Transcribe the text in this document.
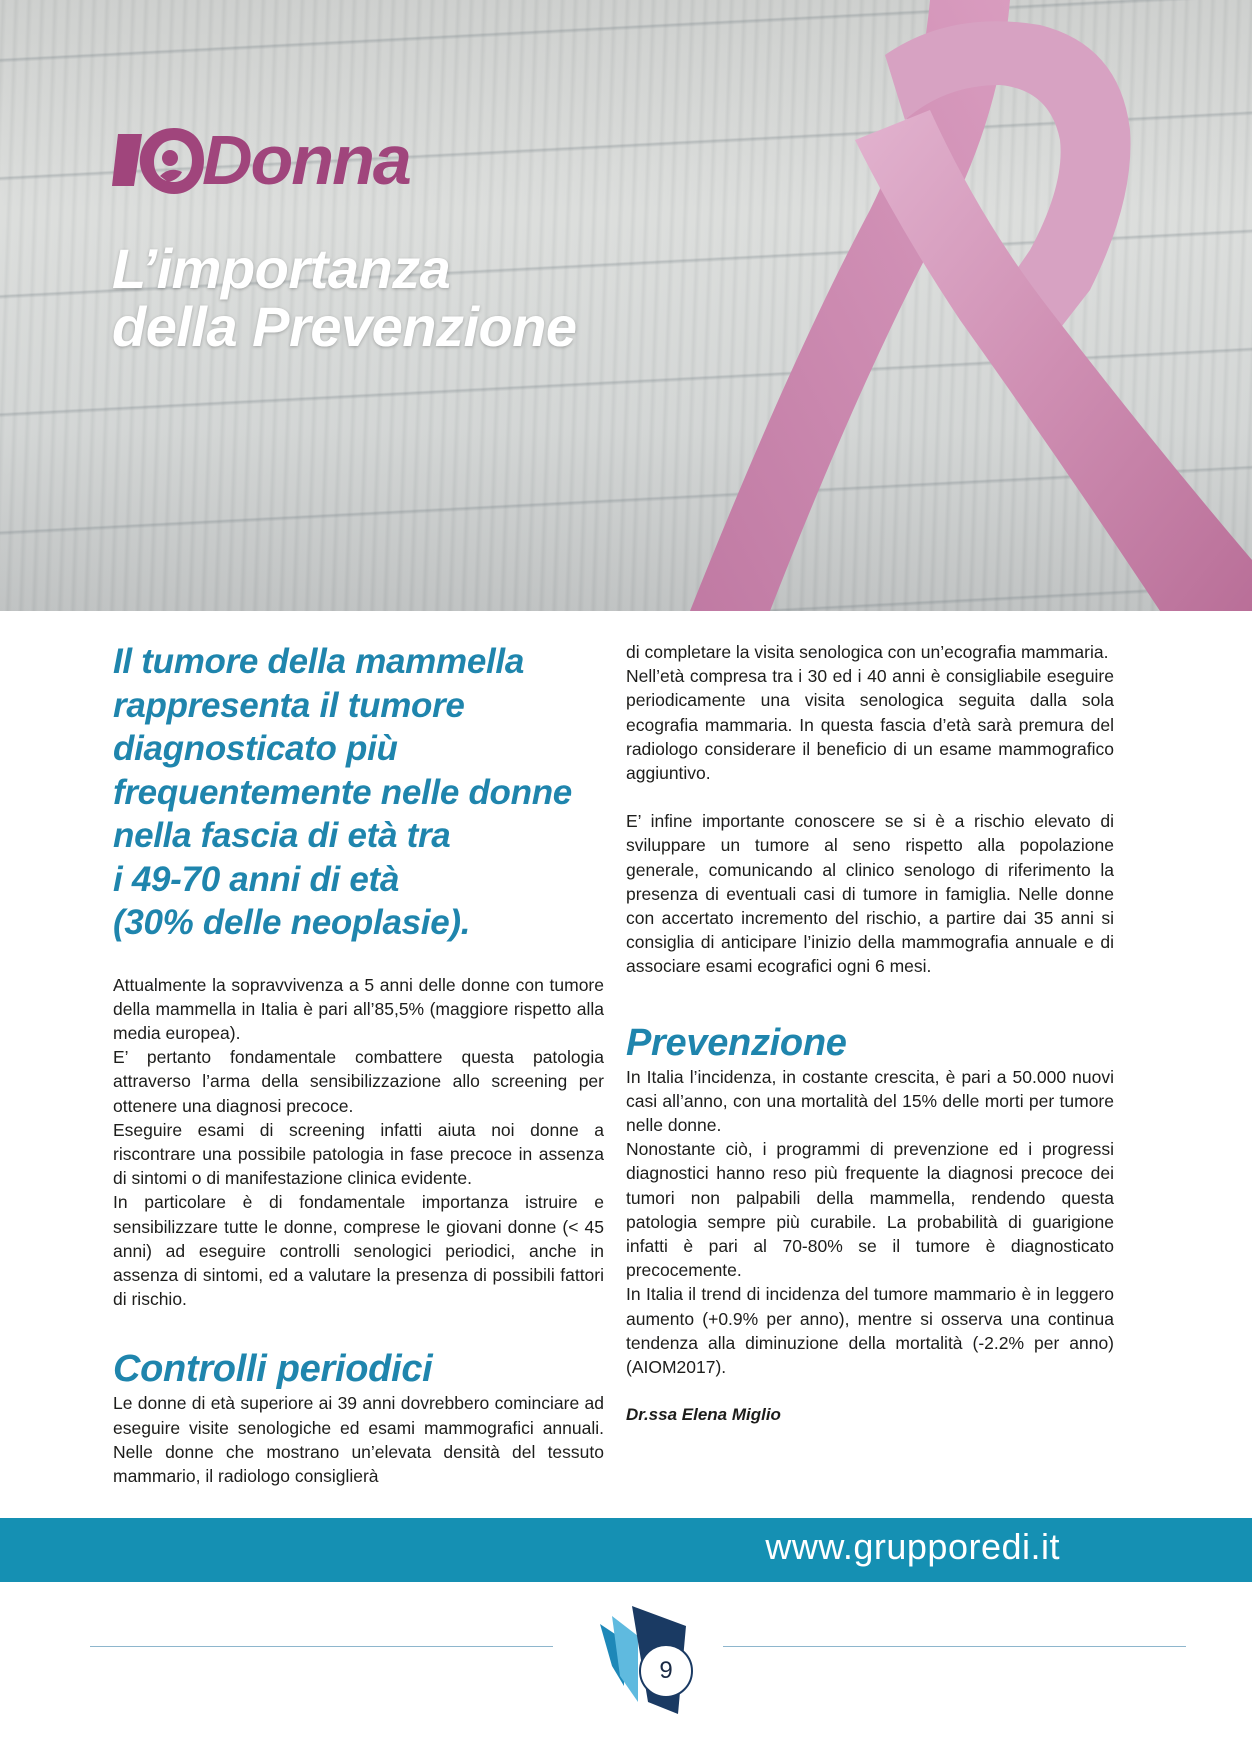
Donna
L’importanza
della Prevenzione
Il tumore della mammella
rappresenta il tumore
diagnosticato più
frequentemente nelle donne
nella fascia di età tra
i 49-70 anni di età
(30% delle neoplasie).

Attualmente la sopravvivenza a 5 anni delle donne con tumore della mammella in Italia è pari all’85,5% (maggiore rispetto alla media europea).

E’ pertanto fondamentale combattere questa patologia attraverso l’arma della sensibilizzazione allo screening per ottenere una diagnosi precoce.

Eseguire esami di screening infatti aiuta noi donne a riscontrare una possibile patologia in fase precoce in assenza di sintomi o di manifestazione clinica evidente.

In particolare è di fondamentale importanza istruire e sensibilizzare tutte le donne, comprese le giovani donne (< 45 anni) ad eseguire controlli senologici periodici, anche in assenza di sintomi, ed a valutare la presenza di possibili fattori di rischio.

Controlli periodici

Le donne di età superiore ai 39 anni dovrebbero cominciare ad eseguire visite senologiche ed esami mammografici annuali. Nelle donne che mostrano un’elevata densità del tessuto mammario, il radiologo consiglierà

di completare la visita senologica con un’ecografia mammaria.

Nell’età compresa tra i 30 ed i 40 anni è consigliabile eseguire periodicamente una visita senologica seguita dalla sola ecografia mammaria. In questa fascia d’età sarà premura del radiologo considerare il beneficio di un esame mammografico aggiuntivo.

E’ infine importante conoscere se si è a rischio elevato di sviluppare un tumore al seno rispetto alla popolazione generale, comunicando al clinico senologo di riferimento la presenza di eventuali casi di tumore in famiglia. Nelle donne con accertato incremento del rischio, a partire dai 35 anni si consiglia di anticipare l’inizio della mammografia annuale e di associare esami ecografici ogni 6 mesi.

Prevenzione

In Italia l’incidenza, in costante crescita, è pari a 50.000 nuovi casi all’anno, con una mortalità del 15% delle morti per tumore nelle donne.

Nonostante ciò, i programmi di prevenzione ed i progressi diagnostici hanno reso più frequente la diagnosi precoce dei tumori non palpabili della mammella, rendendo questa patologia sempre più curabile. La probabilità di guarigione infatti è pari al 70-80% se il tumore è diagnosticato precocemente.

In Italia il trend di incidenza del tumore mammario è in leggero aumento (+0.9% per anno), mentre si osserva una continua tendenza alla diminuzione della mortalità (-2.2% per anno) (AIOM2017).

Dr.ssa Elena Miglio
www.grupporedi.it
9
